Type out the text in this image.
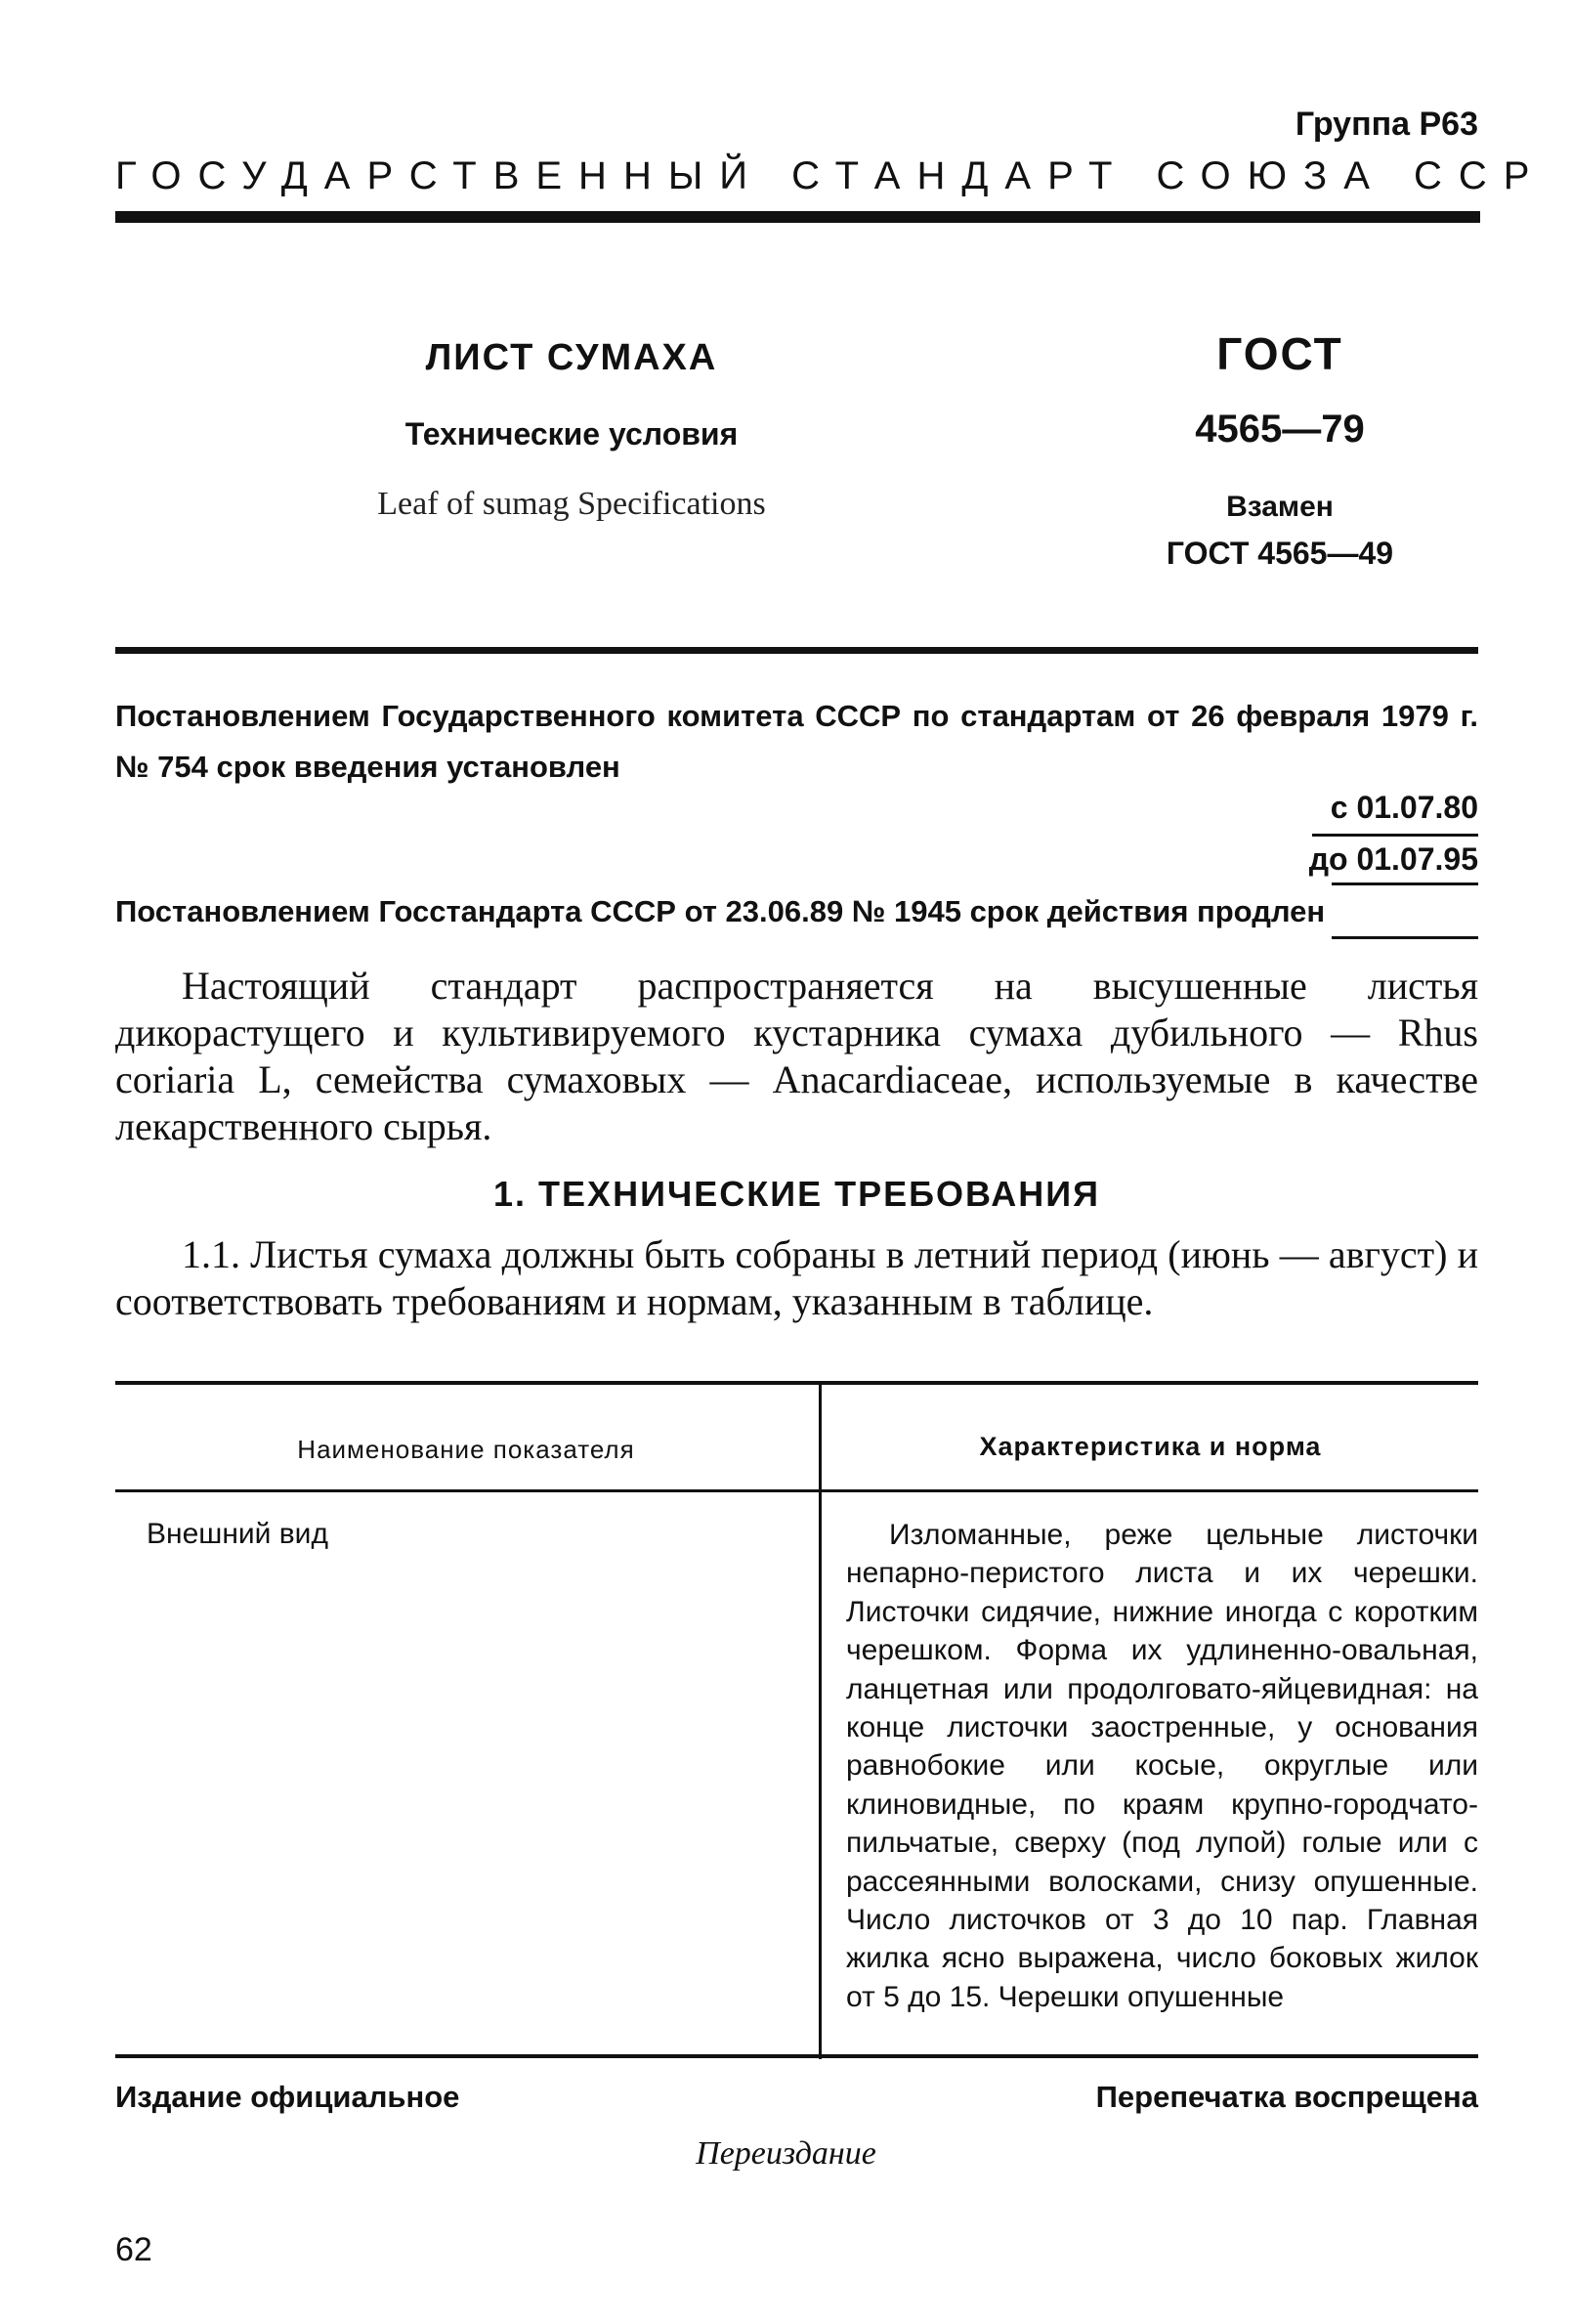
Группа Р63
ГОСУДАРСТВЕННЫЙ СТАНДАРТ СОЮЗА ССР
ЛИСТ СУМАХА
Технические условия
Leaf of sumag Specifications
ГОСТ
4565—79
Взамен
ГОСТ 4565—49
Постановлением Государственного комитета СССР по стандартам от 26 февраля 1979 г. № 754 срок введения установлен
с 01.07.80
до 01.07.95
Постановлением Госстандарта СССР от 23.06.89 № 1945 срок действия продлен
Настоящий стандарт распространяется на высушенные листья дикорастущего и культивируемого кустарника сумаха дубильного — Rhus coriaria L, семейства сумаховых — Anacardiaceae, используемые в качестве лекарственного сырья.
1. ТЕХНИЧЕСКИЕ ТРЕБОВАНИЯ
1.1. Листья сумаха должны быть собраны в летний период (июнь — август) и соответствовать требованиям и нормам, указанным в таблице.
Наименование показателя	Характеристика и норма
Внешний вид	Изломанные, реже цельные листочки непарно-перистого листа и их черешки. Листочки сидячие, нижние иногда с коротким черешком. Форма их удлиненно-овальная, ланцетная или продолговато-яйцевидная: на конце листочки заостренные, у основания равнобокие или косые, округлые или клиновидные, по краям крупно-городчато-пильчатые, сверху (под лупой) голые или с рассеянными волосками, снизу опушенные. Число листочков от 3 до 10 пар. Главная жилка ясно выражена, число боковых жилок от 5 до 15. Черешки опушенные
Издание официальное	Перепечатка воспрещена
Переиздание
62
